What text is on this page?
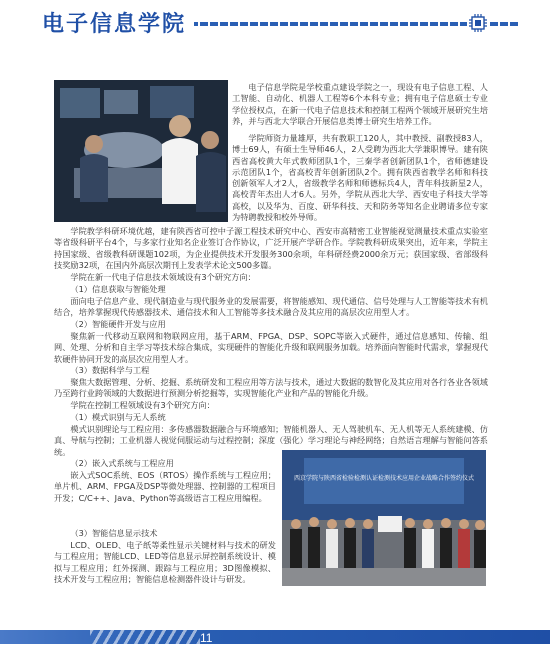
电子信息学院
电子信息学院是学校重点建设学院之一，现设有电子信息工程、人工智能、自动化、机器人工程等6个本科专业；拥有电子信息硕士专业学位授权点，在新一代电子信息技术和控制工程两个领域开展研究生培养，并与西北大学联合开展信息类博士研究生培养工作。
学院师资力量雄厚，共有教职工120人，其中教授、副教授83人，博士69人，有硕士生导师46人，2人受聘为西北大学兼职博导。建有陕西省高校黄大年式教师团队1个，三秦学者创新团队1个，省师德建设示范团队1个，省高校青年创新团队2个。拥有陕西省教学名师和科技创新领军人才2人，省级教学名师和师德标兵4人，青年科技新星2人，高校青年杰出人才6人。另外，学院从西北大学、西安电子科技大学等高校，以及华为、百度、研华科技、天和防务等知名企业聘请多位专家为特聘教授和校外导师。
学院教学科研环境优越，建有陕西省可控中子源工程技术研究中心、西安市高精密工业智能视觉测量技术重点实验室等省级科研平台4个，与多家行业知名企业签订合作协议，广泛开展产学研合作。学院教科研成果突出，近年来，学院主持国家级、省级教科研课题102项，为企业提供技术开发服务300余项，年科研经费2000余万元；获国家级、省部级科技奖励32项，在国内外高层次期刊上发表学术论文500多篇。
学院在新一代电子信息技术领域设有3个研究方向：
（1）信息获取与智能处理
面向电子信息产业、现代制造业与现代服务业的发展需要，将智能感知、现代通信、信号处理与人工智能等技术有机结合，培养掌握现代传感器技术、通信技术和人工智能等多技术融合及其应用的高层次应用型人才。
（2）智能硬件开发与应用
聚焦新一代移动互联网和物联网应用，基于ARM、FPGA、DSP、SOPC等嵌入式硬件，通过信息感知、传输、组网、处理、分析和自主学习等技术综合集成，实现硬件的智能化升级和联网服务加载。培养面向智能时代需求，掌握现代软硬件协同开发的高层次应用型人才。
（3）数据科学与工程
聚焦大数据管理、分析、挖掘、系统研发和工程应用等方法与技术，通过大数据的数智化及其应用对各行各业各领域乃至跨行业跨领域的大数据进行预测分析挖掘等，实现智能化产业和产品的智能化升级。
学院在控制工程领域设有3个研究方向：
（1）模式识别与无人系统
模式识别理论与工程应用：多传感器数据融合与环境感知；智能机器人、无人驾驶机车、无人机等无人系统建模、仿真、导航与控制；工业机器人视觉伺服运动与过程控制；深度（强化）学习理论与神经网络；自然语言理解与智能问答系统。
（2）嵌入式系统与工程应用
嵌入式SOC系统、EOS（RTOS）操作系统与工程应用；单片机、ARM、FPGA及DSP等微处理器、控制器的工程项目开发；C/C++、Java、Python等高级语言工程应用编程。
（3）智能信息显示技术
LCD、OLED、电子纸等柔性显示关键材料与技术的研发与工程应用；智能LCD、LED等信息显示屏控制系统设计、模拟与工程应用；红外探测、跟踪与工程应用；3D图像模拟、技术开发与工程应用；智能信息检测器件设计与研发。
西京学院与陕西省检验检测认证检测技术应用企业战略合作签约仪式
11
